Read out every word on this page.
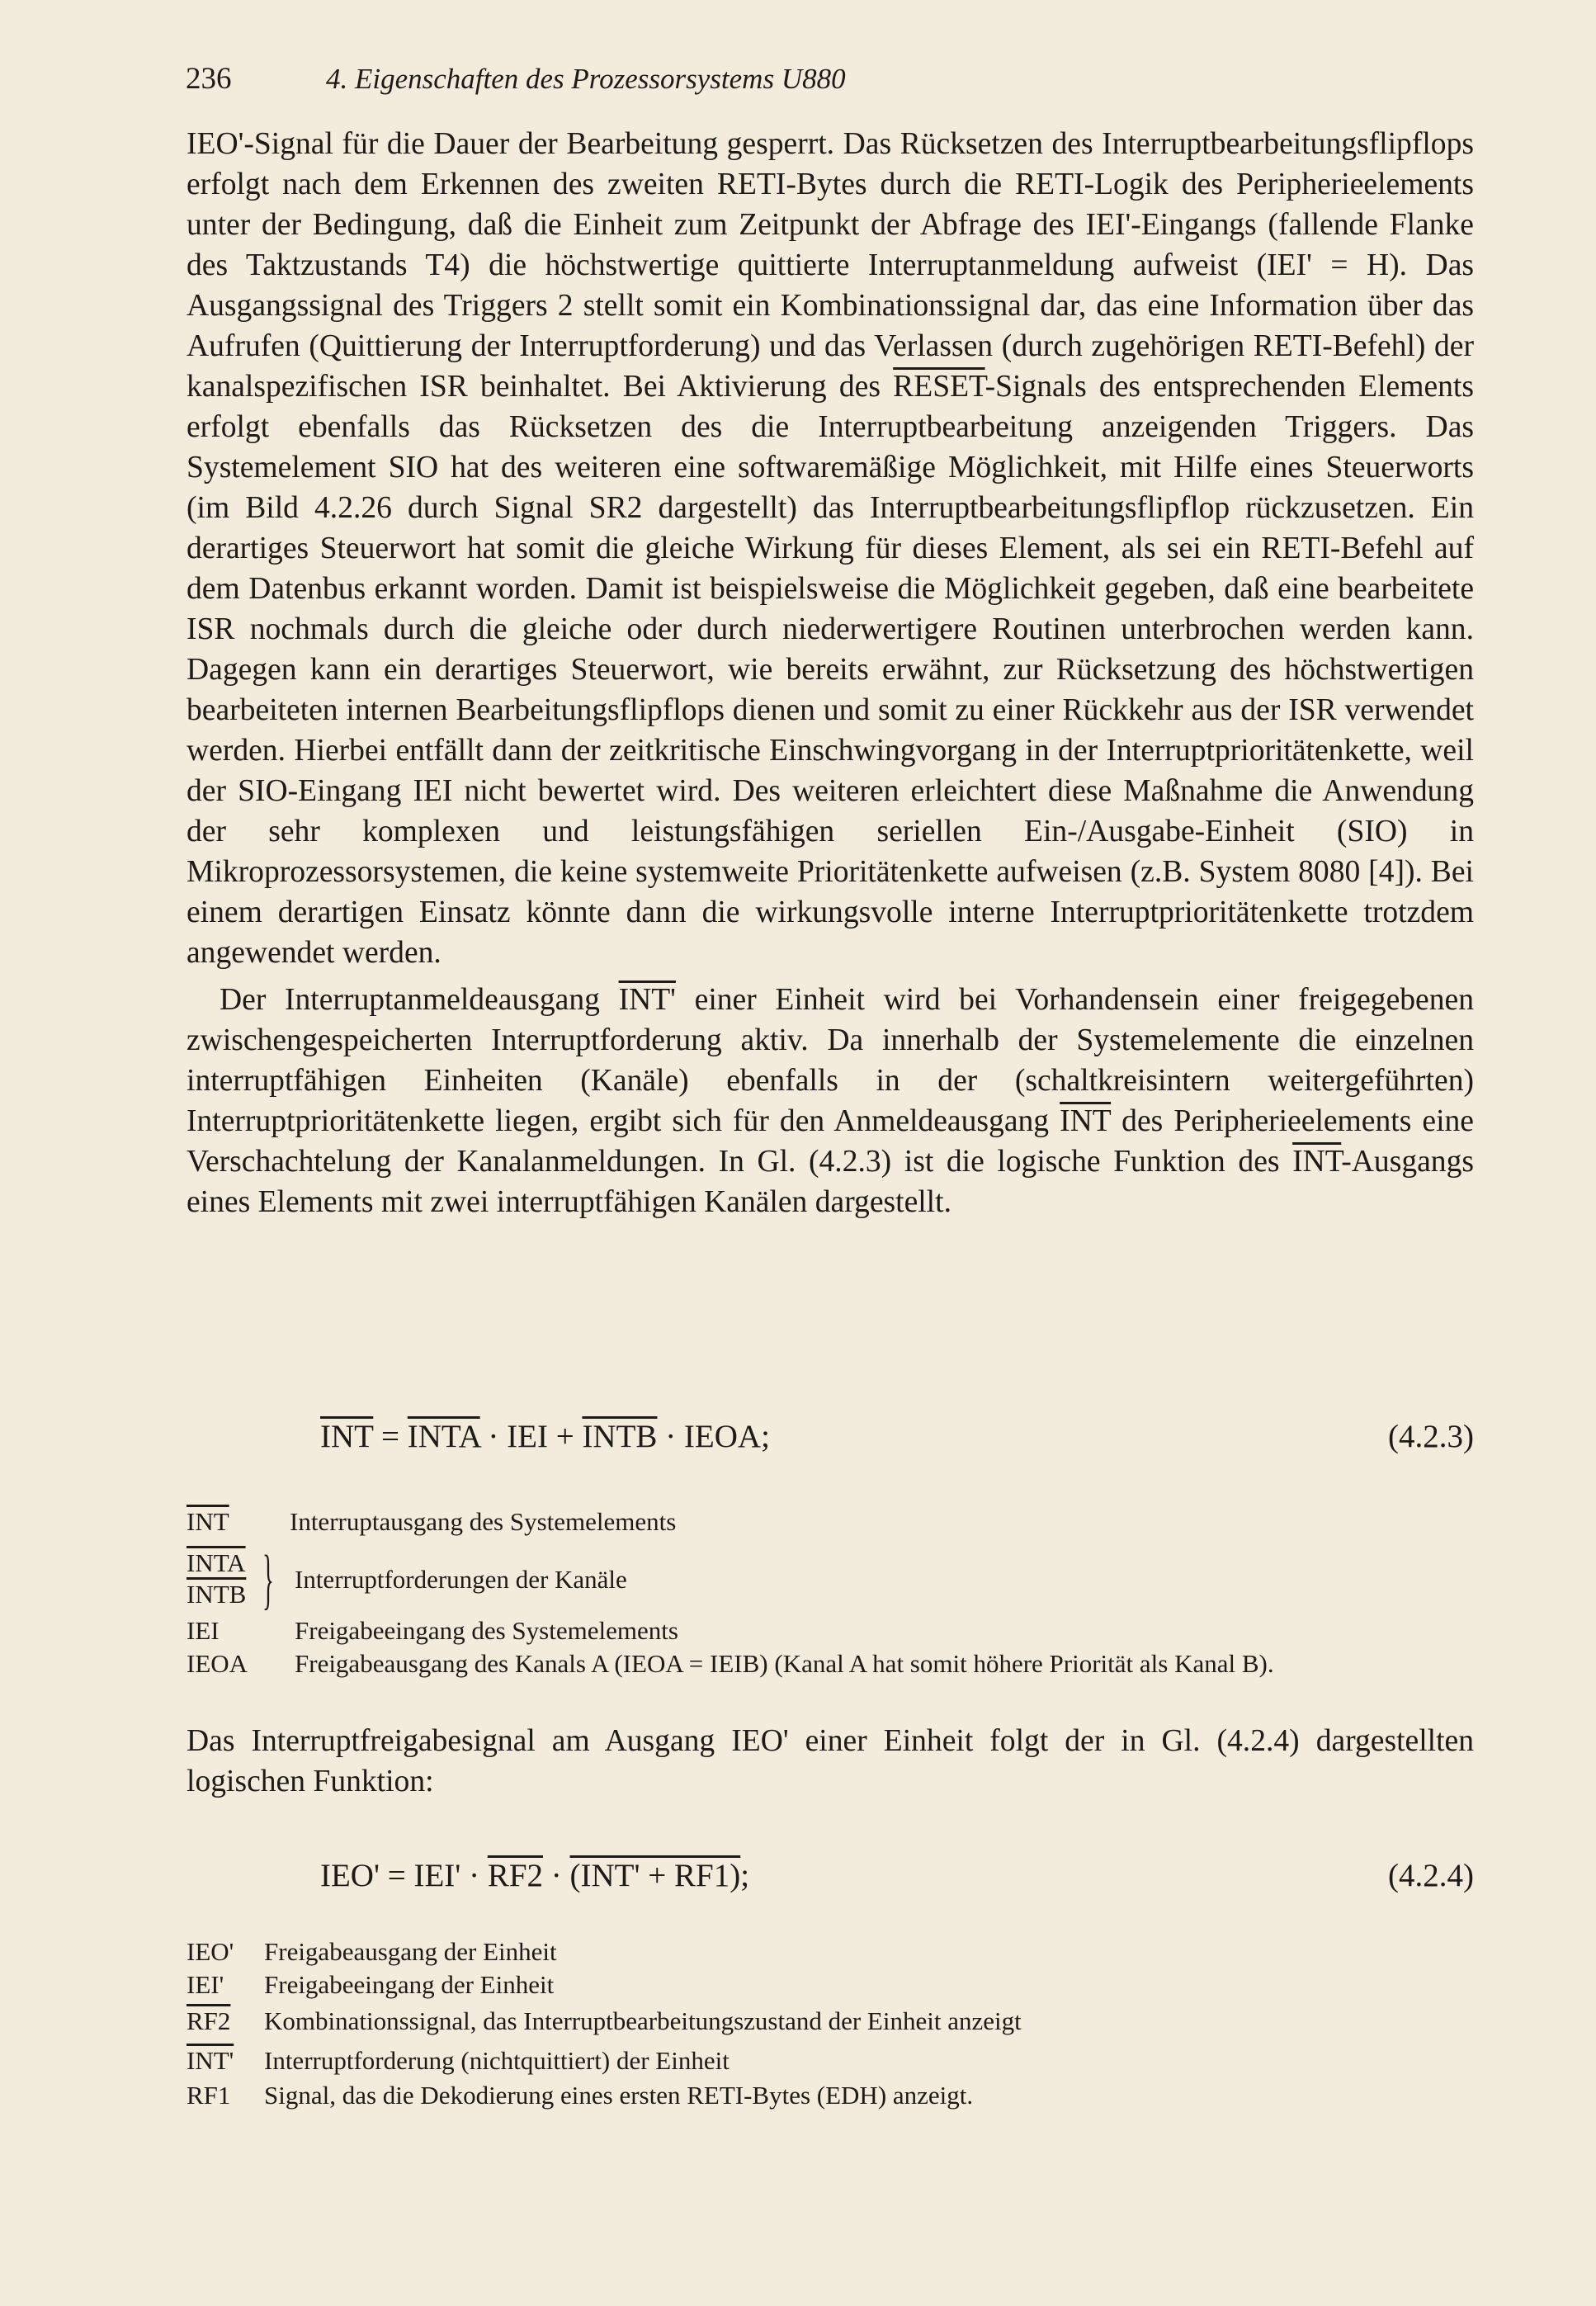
236	4. Eigenschaften des Prozessorsystems U880

IEO'-Signal für die Dauer der Bearbeitung gesperrt. Das Rücksetzen des Interruptbearbeitungsflipflops erfolgt nach dem Erkennen des zweiten RETI-Bytes durch die RETI-Logik des Peripherieelements unter der Bedingung, daß die Einheit zum Zeitpunkt der Abfrage des IEI'-Eingangs (fallende Flanke des Taktzustands T4) die höchstwertige quittierte Interruptanmeldung aufweist (IEI' = H). Das Ausgangssignal des Triggers 2 stellt somit ein Kombinationssignal dar, das eine Information über das Aufrufen (Quittierung der Interruptforderung) und das Verlassen (durch zugehörigen RETI-Befehl) der kanalspezifischen ISR beinhaltet. Bei Aktivierung des RESET-Signals des entsprechenden Elements erfolgt ebenfalls das Rücksetzen des die Interruptbearbeitung anzeigenden Triggers. Das Systemelement SIO hat des weiteren eine softwaremäßige Möglichkeit, mit Hilfe eines Steuerworts (im Bild 4.2.26 durch Signal SR2 dargestellt) das Interruptbearbeitungsflipflop rückzusetzen. Ein derartiges Steuerwort hat somit die gleiche Wirkung für dieses Element, als sei ein RETI-Befehl auf dem Datenbus erkannt worden. Damit ist beispielsweise die Möglichkeit gegeben, daß eine bearbeitete ISR nochmals durch die gleiche oder durch niederwertigere Routinen unterbrochen werden kann. Dagegen kann ein derartiges Steuerwort, wie bereits erwähnt, zur Rücksetzung des höchstwertigen bearbeiteten internen Bearbeitungsflipflops dienen und somit zu einer Rückkehr aus der ISR verwendet werden. Hierbei entfällt dann der zeitkritische Einschwingvorgang in der Interruptprioritätenkette, weil der SIO-Eingang IEI nicht bewertet wird. Des weiteren erleichtert diese Maßnahme die Anwendung der sehr komplexen und leistungsfähigen seriellen Ein-/Ausgabe-Einheit (SIO) in Mikroprozessorsystemen, die keine systemweite Prioritätenkette aufweisen (z.B. System 8080 [4]). Bei einem derartigen Einsatz könnte dann die wirkungsvolle interne Interruptprioritätenkette trotzdem angewendet werden.

Der Interruptanmeldeausgang INT' einer Einheit wird bei Vorhandensein einer freigegebenen zwischengespeicherten Interruptforderung aktiv. Da innerhalb der Systemelemente die einzelnen interruptfähigen Einheiten (Kanäle) ebenfalls in der (schaltkreisintern weitergeführten) Interruptprioritätenkette liegen, ergibt sich für den Anmeldeausgang $\overline{INT}$ des Peripherieelements eine Verschachtelung der Kanalanmeldungen. In Gl. (4.2.3) ist die logische Funktion des $\overline{INT}$-Ausgangs eines Elements mit zwei interruptfähigen Kanälen dargestellt.

$\overline{INT}$ = INTA · IEI + INTB · IEOA;	(4.2.3)
$\overline{INT}$ Interruptausgang des Systemelements
INTA
INTB } Interruptforderungen der Kanäle
IEI	Freigabeeingang des Systemelements
IEOA Freigabeausgang des Kanals A (IEOA = IEIB) (Kanal A hat somit höhere Priorität als Kanal B).
Das Interruptfreigabesignal am Ausgang IEO' einer Einheit folgt der in Gl. (4.2.4) dargestellten logischen Funktion:
IEO' = IEI' · RF2 · (INT' + RF1);	(4.2.4)
IEO' Freigabeausgang der Einheit
IEI' Freigabeeingang der Einheit
RF2 Kombinationssignal, das Interruptbearbeitungszustand der Einheit anzeigt
INT' Interruptforderung (nichtquittiert) der Einheit
RF1 Signal, das die Dekodierung eines ersten RETI-Bytes (EDH) anzeigt.
